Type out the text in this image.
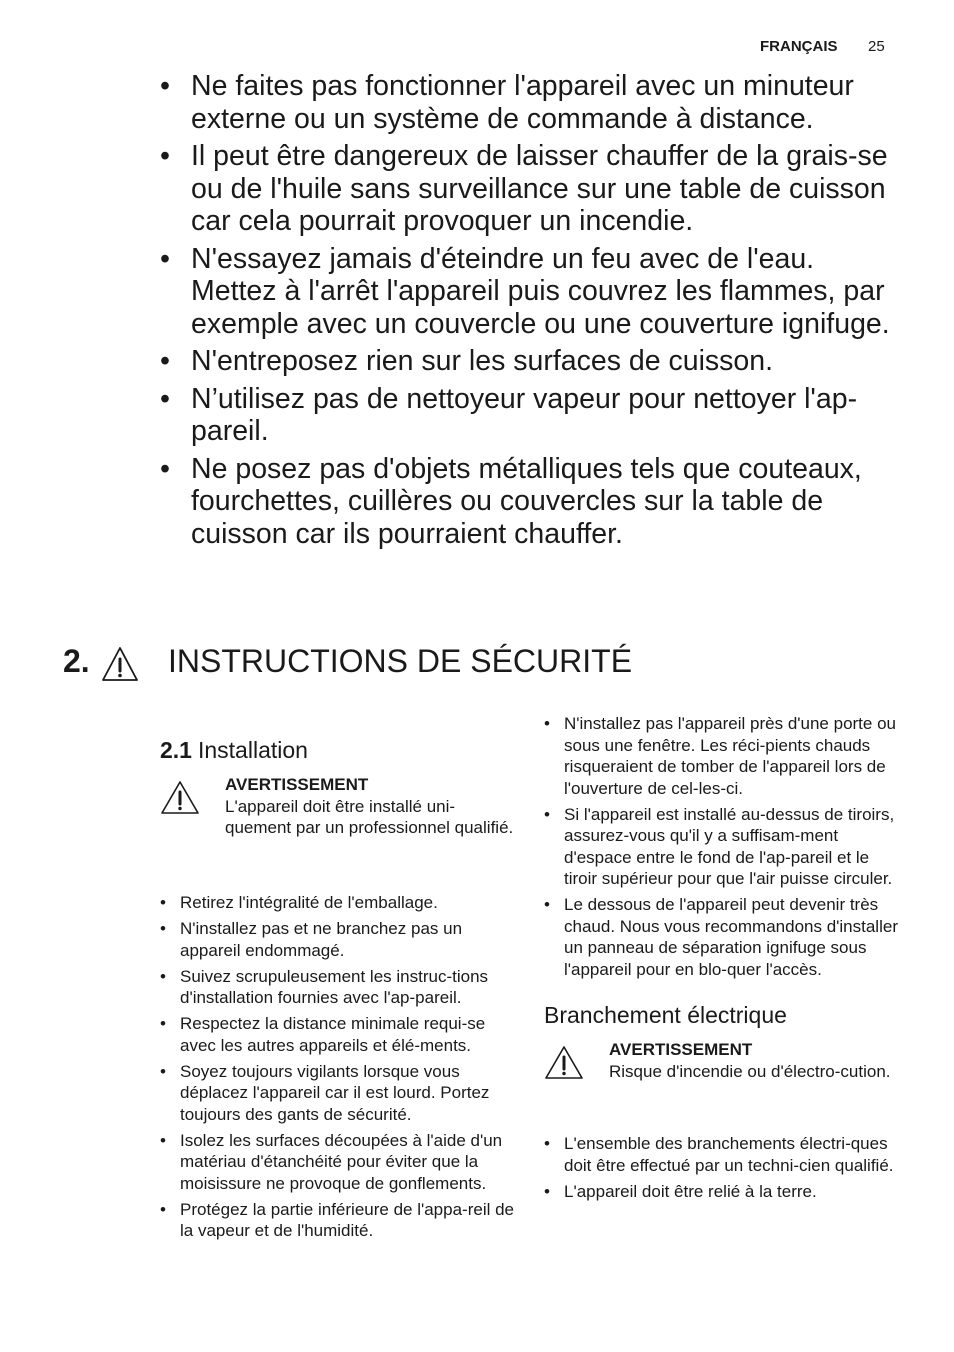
FRANÇAIS 25
• Ne faites pas fonctionner l'appareil avec un minuteur externe ou un système de commande à distance.
• Il peut être dangereux de laisser chauffer de la grais-se ou de l'huile sans surveillance sur une table de cuisson car cela pourrait provoquer un incendie.
• N'essayez jamais d'éteindre un feu avec de l'eau. Mettez à l'arrêt l'appareil puis couvrez les flammes, par exemple avec un couvercle ou une couverture ignifuge.
• N'entreposez rien sur les surfaces de cuisson.
• N’utilisez pas de nettoyeur vapeur pour nettoyer l'ap-pareil.
• Ne posez pas d'objets métalliques tels que couteaux, fourchettes, cuillères ou couvercles sur la table de cuisson car ils pourraient chauffer.
2. INSTRUCTIONS DE SÉCURITÉ
2.1 Installation
AVERTISSEMENT
L'appareil doit être installé uni-quement par un professionnel qualifié.
• Retirez l'intégralité de l'emballage.
• N'installez pas et ne branchez pas un appareil endommagé.
• Suivez scrupuleusement les instruc-tions d'installation fournies avec l'ap-pareil.
• Respectez la distance minimale requi-se avec les autres appareils et élé-ments.
• Soyez toujours vigilants lorsque vous déplacez l'appareil car il est lourd. Portez toujours des gants de sécurité.
• Isolez les surfaces découpées à l'aide d'un matériau d'étanchéité pour éviter que la moisissure ne provoque de gonflements.
• Protégez la partie inférieure de l'appa-reil de la vapeur et de l'humidité.
• N'installez pas l'appareil près d'une porte ou sous une fenêtre. Les réci-pients chauds risqueraient de tomber de l'appareil lors de l'ouverture de cel-les-ci.
• Si l'appareil est installé au-dessus de tiroirs, assurez-vous qu'il y a suffisam-ment d'espace entre le fond de l'ap-pareil et le tiroir supérieur pour que l'air puisse circuler.
• Le dessous de l'appareil peut devenir très chaud. Nous vous recommandons d'installer un panneau de séparation ignifuge sous l'appareil pour en blo-quer l'accès.
Branchement électrique
AVERTISSEMENT
Risque d'incendie ou d'électro-cution.
• L'ensemble des branchements électri-ques doit être effectué par un techni-cien qualifié.
• L'appareil doit être relié à la terre.
